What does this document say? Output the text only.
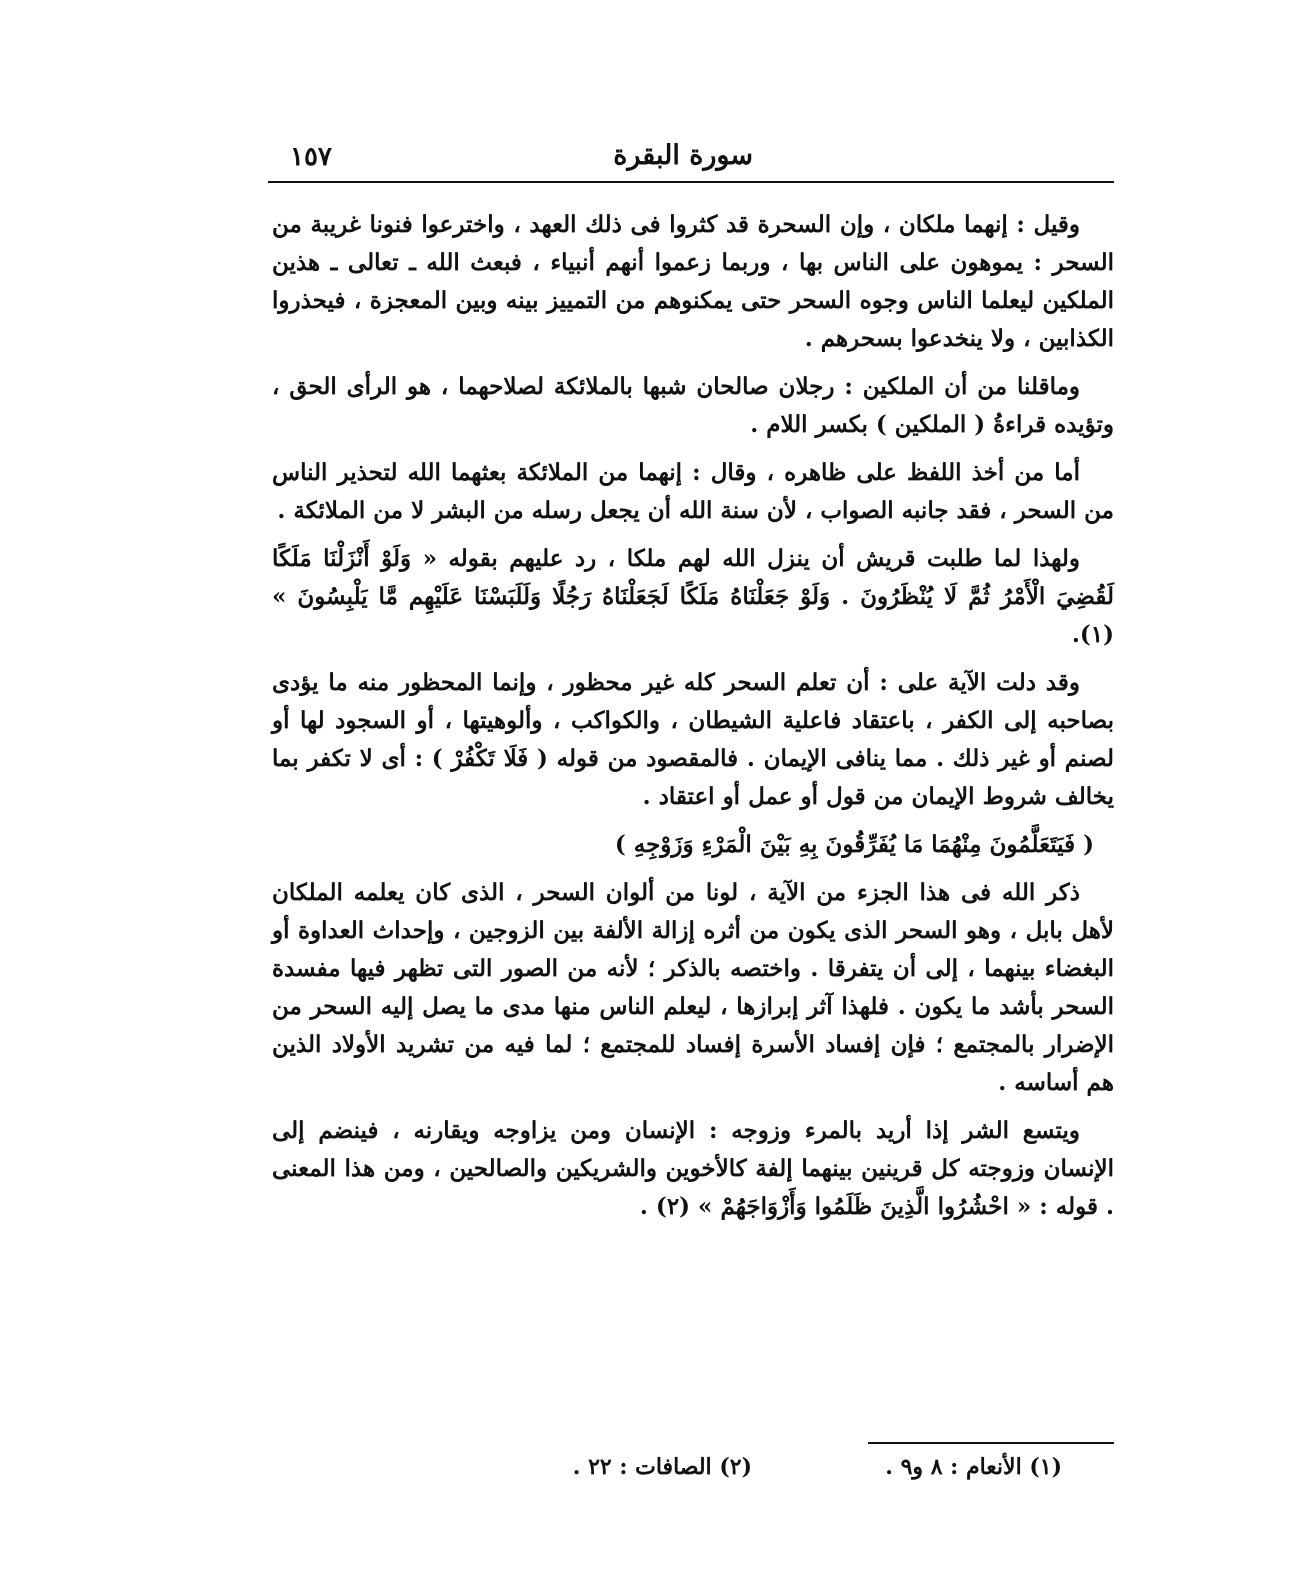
سورة البقرة
١٥٧

وقيل : إنهما ملكان ، وإن السحرة قد كثروا فى ذلك العهد ، واخترعوا فنونا غريبة من السحر : يموهون على الناس بها ، وربما زعموا أنهم أنبياء ، فبعث الله ـ تعالى ـ هذين الملكين ليعلما الناس وجوه السحر حتى يمكنوهم من التمييز بينه وبين المعجزة ، فيحذروا الكذابين ، ولا ينخدعوا بسحرهم .

وماقلنا من أن الملكين : رجلان صالحان شبها بالملائكة لصلاحهما ، هو الرأى الحق ، وتؤيده قراءةُ ( الملكين ) بكسر اللام .

أما من أخذ اللفظ على ظاهره ، وقال : إنهما من الملائكة بعثهما الله لتحذير الناس من السحر ، فقد جانبه الصواب ، لأن سنة الله أن يجعل رسله من البشر لا من الملائكة .

ولهذا لما طلبت قريش أن ينزل الله لهم ملكا ، رد عليهم بقوله « وَلَوْ أَنْزَلْنَا مَلَكًا لَقُضِيَ الْأَمْرُ ثُمَّ لَا يُنْظَرُونَ . وَلَوْ جَعَلْنَاهُ مَلَكًا لَجَعَلْنَاهُ رَجُلًا وَلَلَبَسْنَا عَلَيْهِم مَّا يَلْبِسُونَ » (١).

وقد دلت الآية على : أن تعلم السحر كله غير محظور ، وإنما المحظور منه ما يؤدى بصاحبه إلى الكفر ، باعتقاد فاعلية الشيطان ، والكواكب ، وألوهيتها ، أو السجود لها أو لصنم أو غير ذلك . مما ينافى الإيمان . فالمقصود من قوله ( فَلَا تَكْفُرْ ) : أى لا تكفر بما يخالف شروط الإيمان من قول أو عمل أو اعتقاد .

( فَيَتَعَلَّمُونَ مِنْهُمَا مَا يُفَرِّقُونَ بِهِ بَيْنَ الْمَرْءِ وَزَوْجِهِ )

ذكر الله فى هذا الجزء من الآية ، لونا من ألوان السحر ، الذى كان يعلمه الملكان لأهل بابل ، وهو السحر الذى يكون من أثره إزالة الألفة بين الزوجين ، وإحداث العداوة أو البغضاء بينهما ، إلى أن يتفرقا . واختصه بالذكر ؛ لأنه من الصور التى تظهر فيها مفسدة السحر بأشد ما يكون . فلهذا آثر إبرازها ، ليعلم الناس منها مدى ما يصل إليه السحر من الإضرار بالمجتمع ؛ فإن إفساد الأسرة إفساد للمجتمع ؛ لما فيه من تشريد الأولاد الذين هم أساسه .

ويتسع الشر إذا أريد بالمرء وزوجه : الإنسان ومن يزاوجه ويقارنه ، فينضم إلى الإنسان وزوجته كل قرينين بينهما إلفة كالأخوين والشريكين والصالحين ، ومن هذا المعنى . قوله : « احْشُرُوا الَّذِينَ ظَلَمُوا وَأَزْوَاجَهُمْ » (٢) .

(١) الأنعام : ٨ و٩ .
(٢) الصافات : ٢٢ .
